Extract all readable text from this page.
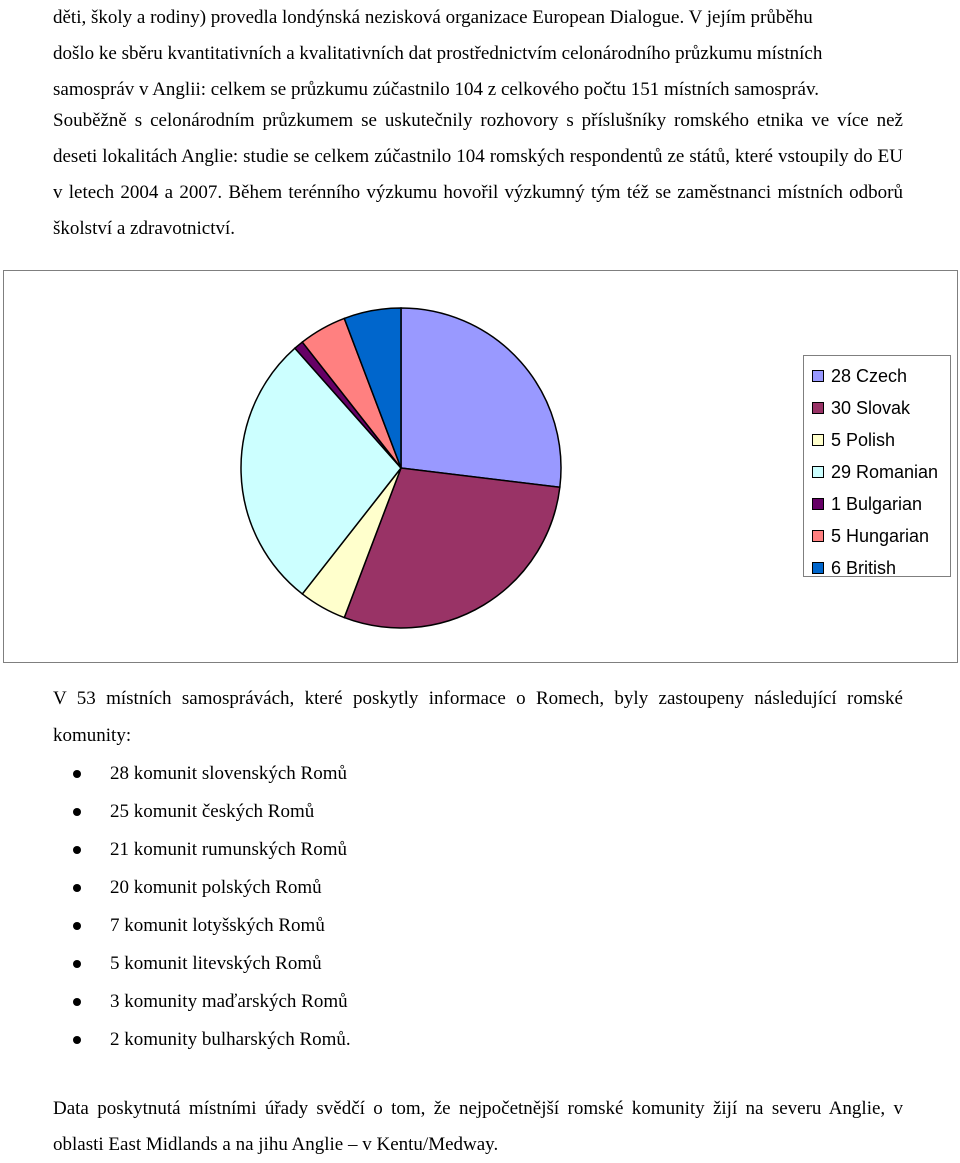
děti, školy a rodiny) provedla londýnská nezisková organizace European Dialogue. V jejím průběhu
došlo ke sběru kvantitativních a kvalitativních dat prostřednictvím celonárodního průzkumu místních
samospráv v Anglii: celkem se průzkumu zúčastnilo 104 z celkového počtu 151 místních samospráv.

Souběžně s celonárodním průzkumem se uskutečnily rozhovory s příslušníky romského etnika ve více než deseti lokalitách Anglie: studie se celkem zúčastnilo 104 romských respondentů ze států, které vstoupily do EU v letech 2004 a 2007. Během terénního výzkumu hovořil výzkumný tým též se zaměstnanci místních odborů školství a zdravotnictví.

28 Czech
30 Slovak
5 Polish
29 Romanian
1 Bulgarian
5 Hungarian
6 British

V 53 místních samosprávách, které poskytly informace o Romech, byly zastoupeny následující romské komunity:

28 komunit slovenských Romů
25 komunit českých Romů
21 komunit rumunských Romů
20 komunit polských Romů
7 komunit lotyšských Romů
5 komunit litevských Romů
3 komunity maďarských Romů
2 komunity bulharských Romů.

Data poskytnutá místními úřady svědčí o tom, že nejpočetnější romské komunity žijí na severu Anglie, v oblasti East Midlands a na jihu Anglie – v Kentu/Medway.
